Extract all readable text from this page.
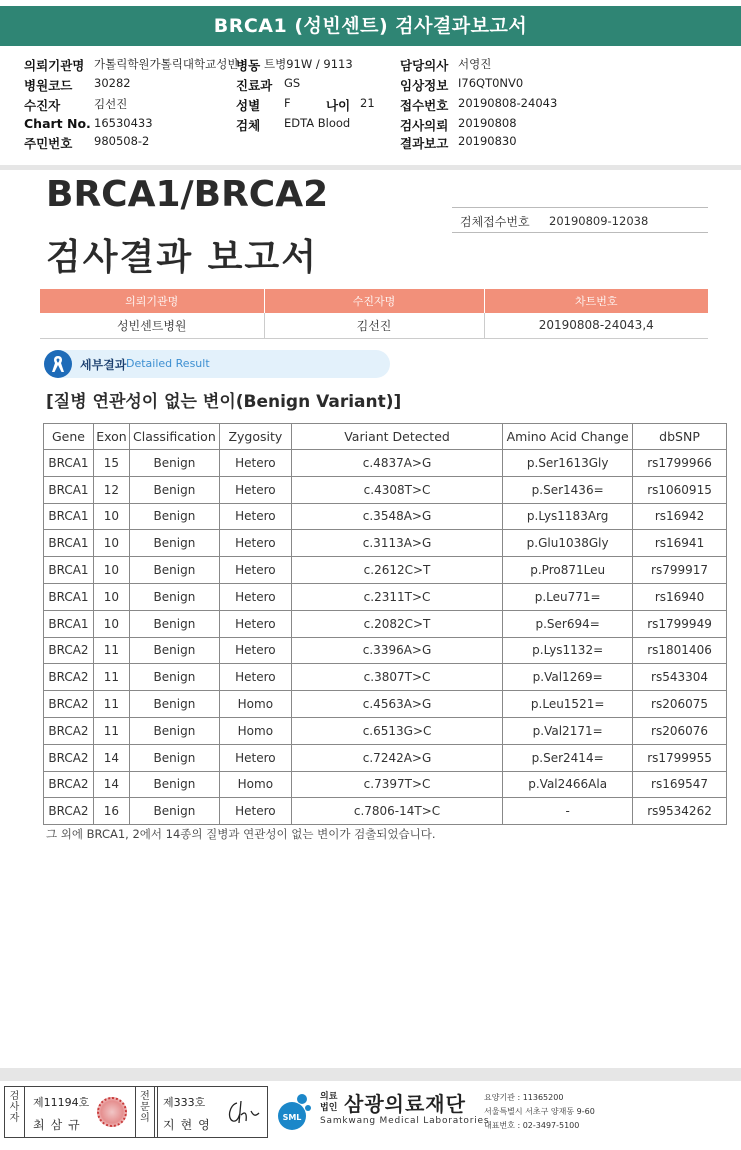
BRCA1 (성빈센트) 검사결과보고서
의뢰기관명 가톨릭학원가톨릭대학교성빈
병동 트병91W / 9113	담당의사 서영진
병원코드 30282	진료과 GS	임상정보 I76QT0NV0
수진자	김선진	성별 F	나이 21 접수번호 20190808-24043
Chart No. 16530433	검체 EDTA Blood	검사의뢰 20190808
주민번호 980508-2	결과보고 20190830
BRCA1/BRCA2
검사결과 보고서
검체접수번호 20190809-12038
의뢰기관명	수진자명	차트번호
성빈센트병원	김선진	20190808-24043,4
세부결과 Detailed Result
[질병 연관성이 없는 변이(Benign Variant)]
Gene	Exon	Classification	Zygosity	Variant Detected	Amino Acid Change	dbSNP
BRCA1	15	Benign	Hetero	c.4837A>G	p.Ser1613Gly	rs1799966
BRCA1	12	Benign	Hetero	c.4308T>C	p.Ser1436=	rs1060915
BRCA1	10	Benign	Hetero	c.3548A>G	p.Lys1183Arg	rs16942
BRCA1	10	Benign	Hetero	c.3113A>G	p.Glu1038Gly	rs16941
BRCA1	10	Benign	Hetero	c.2612C>T	p.Pro871Leu	rs799917
BRCA1	10	Benign	Hetero	c.2311T>C	p.Leu771=	rs16940
BRCA1	10	Benign	Hetero	c.2082C>T	p.Ser694=	rs1799949
BRCA2	11	Benign	Hetero	c.3396A>G	p.Lys1132=	rs1801406
BRCA2	11	Benign	Hetero	c.3807T>C	p.Val1269=	rs543304
BRCA2	11	Benign	Homo	c.4563A>G	p.Leu1521=	rs206075
BRCA2	11	Benign	Homo	c.6513G>C	p.Val2171=	rs206076
BRCA2	14	Benign	Hetero	c.7242A>G	p.Ser2414=	rs1799955
BRCA2	14	Benign	Homo	c.7397T>C	p.Val2466Ala	rs169547
BRCA2	16	Benign	Hetero	c.7806-14T>C	-	rs9534262
그 외에 BRCA1, 2에서 14종의 질병과 연관성이 없는 변이가 검출되었습니다.
검사자
제11194호
최삼규
전문의
제333호
지현영
SML
의료 법인 삼광의료재단
Samkwang Medical Laboratories
요양기관 : 11365200
서울특별시 서초구 양재동 9-60
대표번호 : 02-3497-5100
